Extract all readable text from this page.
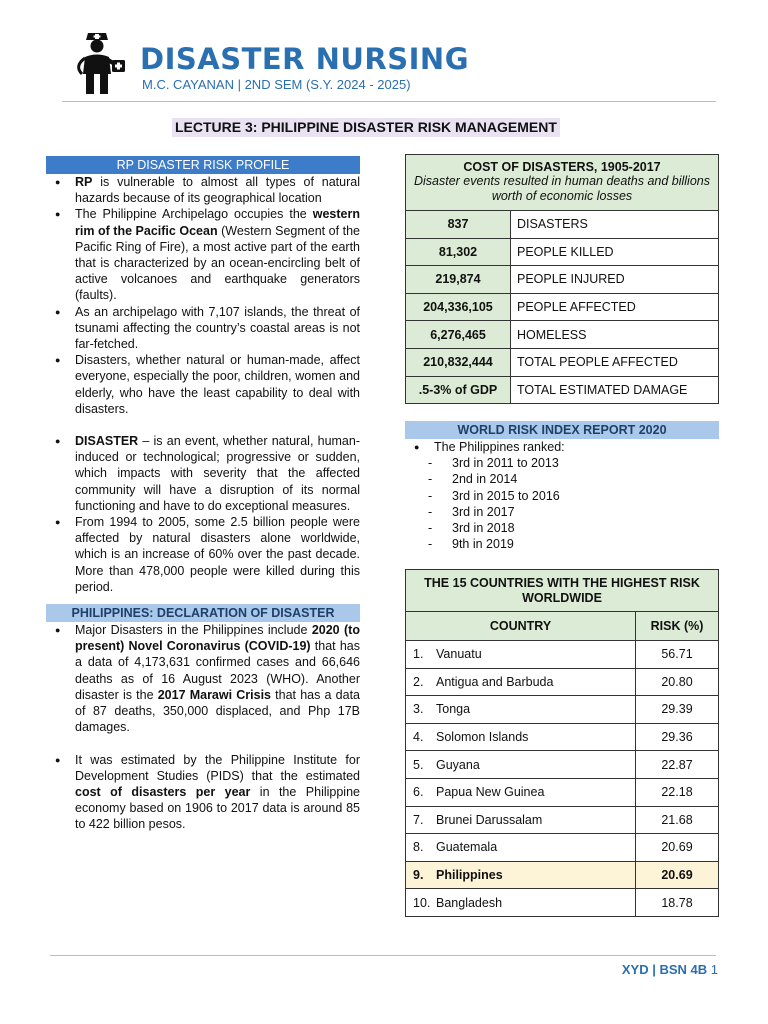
DISASTER NURSING
M.C. CAYANAN | 2ND SEM (S.Y. 2024 - 2025)
LECTURE 3: PHILIPPINE DISASTER RISK MANAGEMENT
RP DISASTER RISK PROFILE
● RP is vulnerable to almost all types of natural hazards because of its geographical location
● The Philippine Archipelago occupies the western rim of the Pacific Ocean (Western Segment of the Pacific Ring of Fire), a most active part of the earth that is characterized by an ocean-encircling belt of active volcanoes and earthquake generators (faults).
● As an archipelago with 7,107 islands, the threat of tsunami affecting the country’s coastal areas is not far-fetched.
● Disasters, whether natural or human-made, affect everyone, especially the poor, children, women and elderly, who have the least capability to deal with disasters.
● DISASTER – is an event, whether natural, human-induced or technological; progressive or sudden, which impacts with severity that the affected community will have a disruption of its normal functioning and have to do exceptional measures.
● From 1994 to 2005, some 2.5 billion people were affected by natural disasters alone worldwide, which is an increase of 60% over the past decade. More than 478,000 people were killed during this period.
PHILIPPINES: DECLARATION OF DISASTER
● Major Disasters in the Philippines include 2020 (to present) Novel Coronavirus (COVID-19) that has a data of 4,173,631 confirmed cases and 66,646 deaths as of 16 August 2023 (WHO). Another disaster is the 2017 Marawi Crisis that has a data of 87 deaths, 350,000 displaced, and Php 17B damages.
● It was estimated by the Philippine Institute for Development Studies (PIDS) that the estimated cost of disasters per year in the Philippine economy based on 1906 to 2017 data is around 85 to 422 billion pesos.
COST OF DISASTERS, 1905-2017
Disaster events resulted in human deaths and billions worth of economic losses	

837	DISASTERS
81,302	PEOPLE KILLED
219,874	PEOPLE INJURED
204,336,105	PEOPLE AFFECTED
6,276,465	HOMELESS
210,832,444	TOTAL PEOPLE AFFECTED
.5-3% of GDP	TOTAL ESTIMATED DAMAGE
WORLD RISK INDEX REPORT 2020
● The Philippines ranked:
- 3rd in 2011 to 2013
- 2nd in 2014
- 3rd in 2015 to 2016
- 3rd in 2017
- 3rd in 2018
- 9th in 2019
THE 15 COUNTRIES WITH THE HIGHEST RISK WORLDWIDE	
COUNTRY	RISK (%)
1. Vanuatu	56.71
2. Antigua and Barbuda	20.80
3. Tonga	29.39
4. Solomon Islands	29.36
5. Guyana	22.87
6. Papua New Guinea	22.18
7. Brunei Darussalam	21.68
8. Guatemala	20.69
9. Philippines	20.69
10. Bangladesh	18.78
XYD | BSN 4B 1
